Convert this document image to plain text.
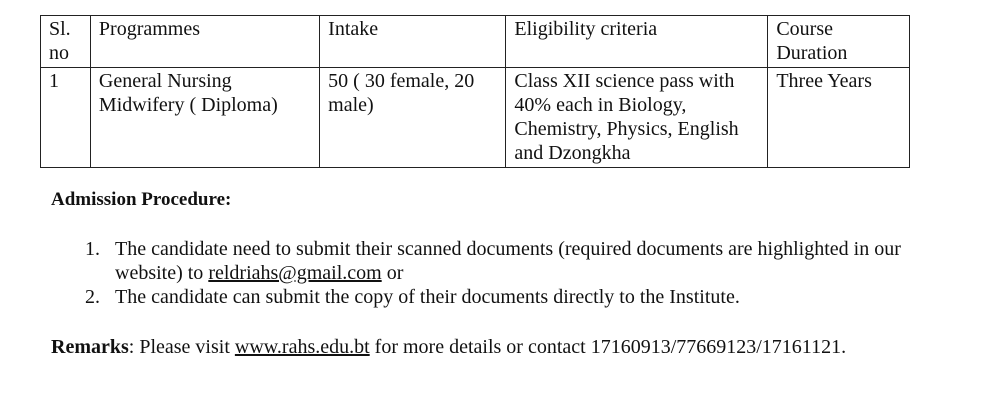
Sl. no	Programmes	Intake	Eligibility criteria	Course Duration
1	General Nursing Midwifery ( Diploma)	50 ( 30 female, 20 male)	Class XII science pass with 40% each in Biology, Chemistry, Physics, English and Dzongkha	Three Years
Admission Procedure:
1. The candidate need to submit their scanned documents (required documents are highlighted in our website) to reldriahs@gmail.com or
2. The candidate can submit the copy of their documents directly to the Institute.
Remarks: Please visit www.rahs.edu.bt for more details or contact 17160913/77669123/17161121.
